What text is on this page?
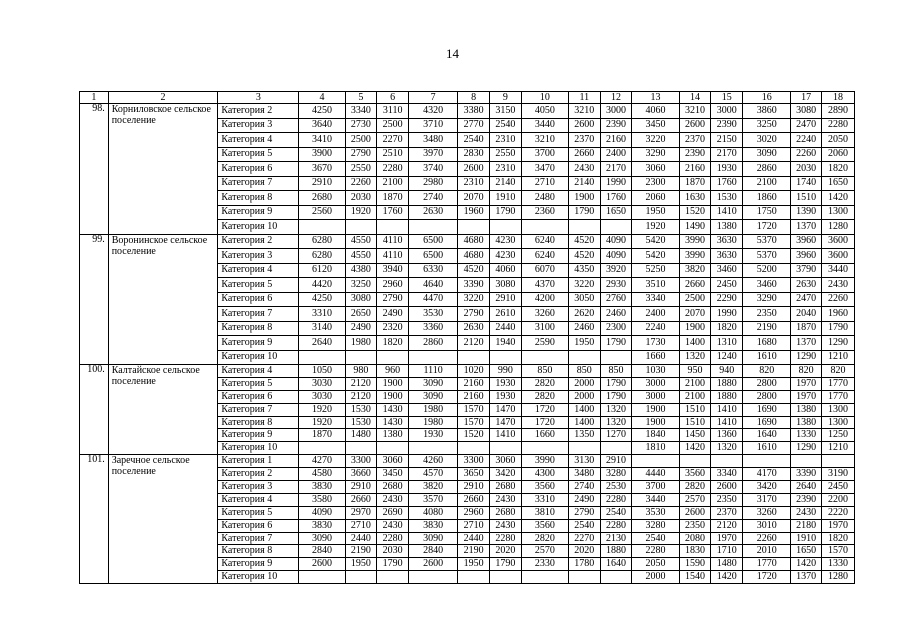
14
1	2	3	4	5	6	7	8	9	10	11	12	13	14	15	16	17	18
98.	Корниловское сельское поселение	Категория 2	4250	3340	3110	4320	3380	3150	4050	3210	3000	4060	3210	3000	3860	3080	2890
		Категория 3	3640	2730	2500	3710	2770	2540	3440	2600	2390	3450	2600	2390	3250	2470	2280
		Категория 4	3410	2500	2270	3480	2540	2310	3210	2370	2160	3220	2370	2150	3020	2240	2050
		Категория 5	3900	2790	2510	3970	2830	2550	3700	2660	2400	3290	2390	2170	3090	2260	2060
		Категория 6	3670	2550	2280	3740	2600	2310	3470	2430	2170	3060	2160	1930	2860	2030	1820
		Категория 7	2910	2260	2100	2980	2310	2140	2710	2140	1990	2300	1870	1760	2100	1740	1650
		Категория 8	2680	2030	1870	2740	2070	1910	2480	1900	1760	2060	1630	1530	1860	1510	1420
		Категория 9	2560	1920	1760	2630	1960	1790	2360	1790	1650	1950	1520	1410	1750	1390	1300
		Категория 10										1920	1490	1380	1720	1370	1280
99.	Воронинское сельское поселение	Категория 2	6280	4550	4110	6500	4680	4230	6240	4520	4090	5420	3990	3630	5370	3960	3600
		Категория 3	6280	4550	4110	6500	4680	4230	6240	4520	4090	5420	3990	3630	5370	3960	3600
		Категория 4	6120	4380	3940	6330	4520	4060	6070	4350	3920	5250	3820	3460	5200	3790	3440
		Категория 5	4420	3250	2960	4640	3390	3080	4370	3220	2930	3510	2660	2450	3460	2630	2430
		Категория 6	4250	3080	2790	4470	3220	2910	4200	3050	2760	3340	2500	2290	3290	2470	2260
		Категория 7	3310	2650	2490	3530	2790	2610	3260	2620	2460	2400	2070	1990	2350	2040	1960
		Категория 8	3140	2490	2320	3360	2630	2440	3100	2460	2300	2240	1900	1820	2190	1870	1790
		Категория 9	2640	1980	1820	2860	2120	1940	2590	1950	1790	1730	1400	1310	1680	1370	1290
		Категория 10										1660	1320	1240	1610	1290	1210
100.	Калтайское сельское поселение	Категория 4	1050	980	960	1110	1020	990	850	850	850	1030	950	940	820	820	820
		Категория 5	3030	2120	1900	3090	2160	1930	2820	2000	1790	3000	2100	1880	2800	1970	1770
		Категория 6	3030	2120	1900	3090	2160	1930	2820	2000	1790	3000	2100	1880	2800	1970	1770
		Категория 7	1920	1530	1430	1980	1570	1470	1720	1400	1320	1900	1510	1410	1690	1380	1300
		Категория 8	1920	1530	1430	1980	1570	1470	1720	1400	1320	1900	1510	1410	1690	1380	1300
		Категория 9	1870	1480	1380	1930	1520	1410	1660	1350	1270	1840	1450	1360	1640	1330	1250
		Категория 10										1810	1420	1320	1610	1290	1210
101.	Заречное сельское поселение	Категория 1	4270	3300	3060	4260	3300	3060	3990	3130	2910						
		Категория 2	4580	3660	3450	4570	3650	3420	4300	3480	3280	4440	3560	3340	4170	3390	3190
		Категория 3	3830	2910	2680	3820	2910	2680	3560	2740	2530	3700	2820	2600	3420	2640	2450
		Категория 4	3580	2660	2430	3570	2660	2430	3310	2490	2280	3440	2570	2350	3170	2390	2200
		Категория 5	4090	2970	2690	4080	2960	2680	3810	2790	2540	3530	2600	2370	3260	2430	2220
		Категория 6	3830	2710	2430	3830	2710	2430	3560	2540	2280	3280	2350	2120	3010	2180	1970
		Категория 7	3090	2440	2280	3090	2440	2280	2820	2270	2130	2540	2080	1970	2260	1910	1820
		Категория 8	2840	2190	2030	2840	2190	2020	2570	2020	1880	2280	1830	1710	2010	1650	1570
		Категория 9	2600	1950	1790	2600	1950	1790	2330	1780	1640	2050	1590	1480	1770	1420	1330
		Категория 10										2000	1540	1420	1720	1370	1280
